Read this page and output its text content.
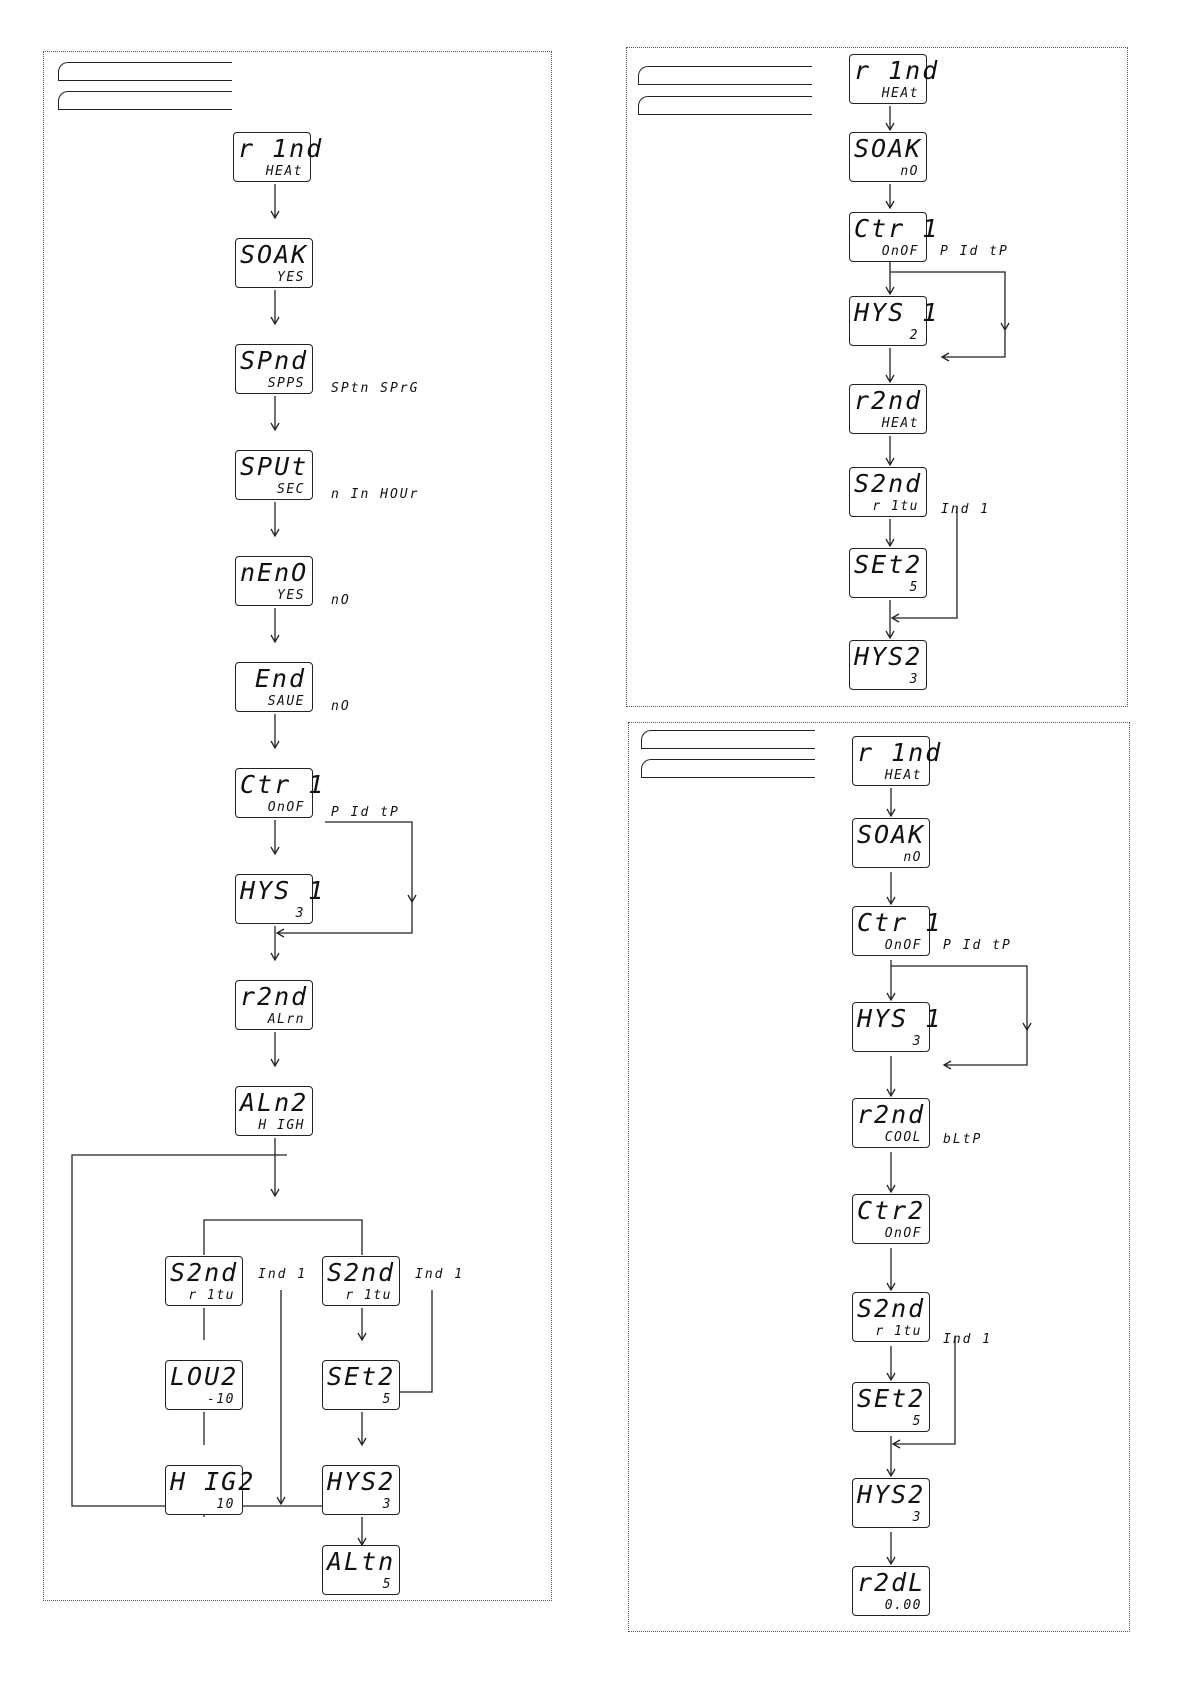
r 1nd
HEAt
SOAK
YES
SPnd
SPPS
SPUt
SEC
nEnO
YES
End
SAUE
Ctr 1
OnOF
HYS 1
3
r2nd
ALrn
ALn2
H IGH
S2nd
r 1tu
LOU2
-10
H IG2
10
S2nd
r 1tu
SEt2
5
HYS2
3
ALtn
5
SPtn SPrG
n In HOUr
nO
nO
P Id tP
Ind 1	Ind 1
r 1nd
HEAt
SOAK
nO
Ctr 1
OnOF
HYS 1
2
r2nd
HEAt
S2nd
r 1tu
SEt2
5
HYS2
3
P Id tP
Ind 1
r 1nd
HEAt
SOAK
nO
Ctr 1
OnOF
HYS 1
3
r2nd
COOL
Ctr2
OnOF
S2nd
r 1tu
SEt2
5
HYS2
3
r2dL
0.00
P Id tP
bLtP
Ind 1
